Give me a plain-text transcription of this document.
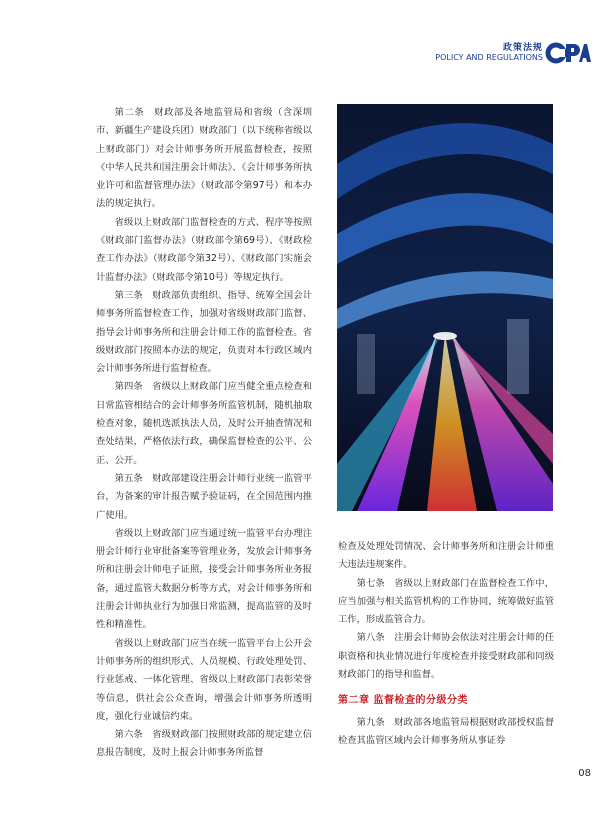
政策法规
POLICY AND REGULATIONS
CPA

第二条　财政部及各地监管局和省级（含深圳市、新疆生产建设兵团）财政部门（以下统称省级以上财政部门）对会计师事务所开展监督检查，按照《中华人民共和国注册会计师法》、《会计师事务所执业许可和监督管理办法》（财政部令第97号）和本办法的规定执行。

省级以上财政部门监督检查的方式、程序等按照《财政部门监督办法》（财政部令第69号）、《财政检查工作办法》（财政部令第32号）、《财政部门实施会计监督办法》（财政部令第10号）等规定执行。

第三条　财政部负责组织、指导、统筹全国会计师事务所监督检查工作，加强对省级财政部门监督、指导会计师事务所和注册会计师工作的监督检查。省级财政部门按照本办法的规定，负责对本行政区域内会计师事务所进行监督检查。

第四条　省级以上财政部门应当健全重点检查和日常监管相结合的会计师事务所监管机制，随机抽取检查对象，随机选派执法人员，及时公开抽查情况和查处结果，严格依法行政，确保监督检查的公平、公正、公开。

第五条　财政部建设注册会计师行业统一监管平台，为备案的审计报告赋予验证码，在全国范围内推广使用。

省级以上财政部门应当通过统一监管平台办理注册会计师行业审批备案等管理业务，发放会计师事务所和注册会计师电子证照，接受会计师事务所业务报备，通过监管大数据分析等方式，对会计师事务所和注册会计师执业行为加强日常监测，提高监管的及时性和精准性。

省级以上财政部门应当在统一监管平台上公开会计师事务所的组织形式、人员规模、行政处理处罚、行业惩戒、一体化管理、省级以上财政部门表彰荣誉等信息，供社会公众查询，增强会计师事务所透明度，强化行业诚信约束。

第六条　省级财政部门按照财政部的规定建立信息报告制度，及时上报会计师事务所监督

检查及处理处罚情况、会计师事务所和注册会计师重大违法违规案件。

第七条　省级以上财政部门在监督检查工作中，应当加强与相关监管机构的工作协同，统筹做好监管工作，形成监管合力。

第八条　注册会计师协会依法对注册会计师的任职资格和执业情况进行年度检查并接受财政部和同级财政部门的指导和监督。

第二章 监督检查的分级分类

第九条　财政部各地监管局根据财政部授权监督检查其监管区域内会计师事务所从事证券

08
